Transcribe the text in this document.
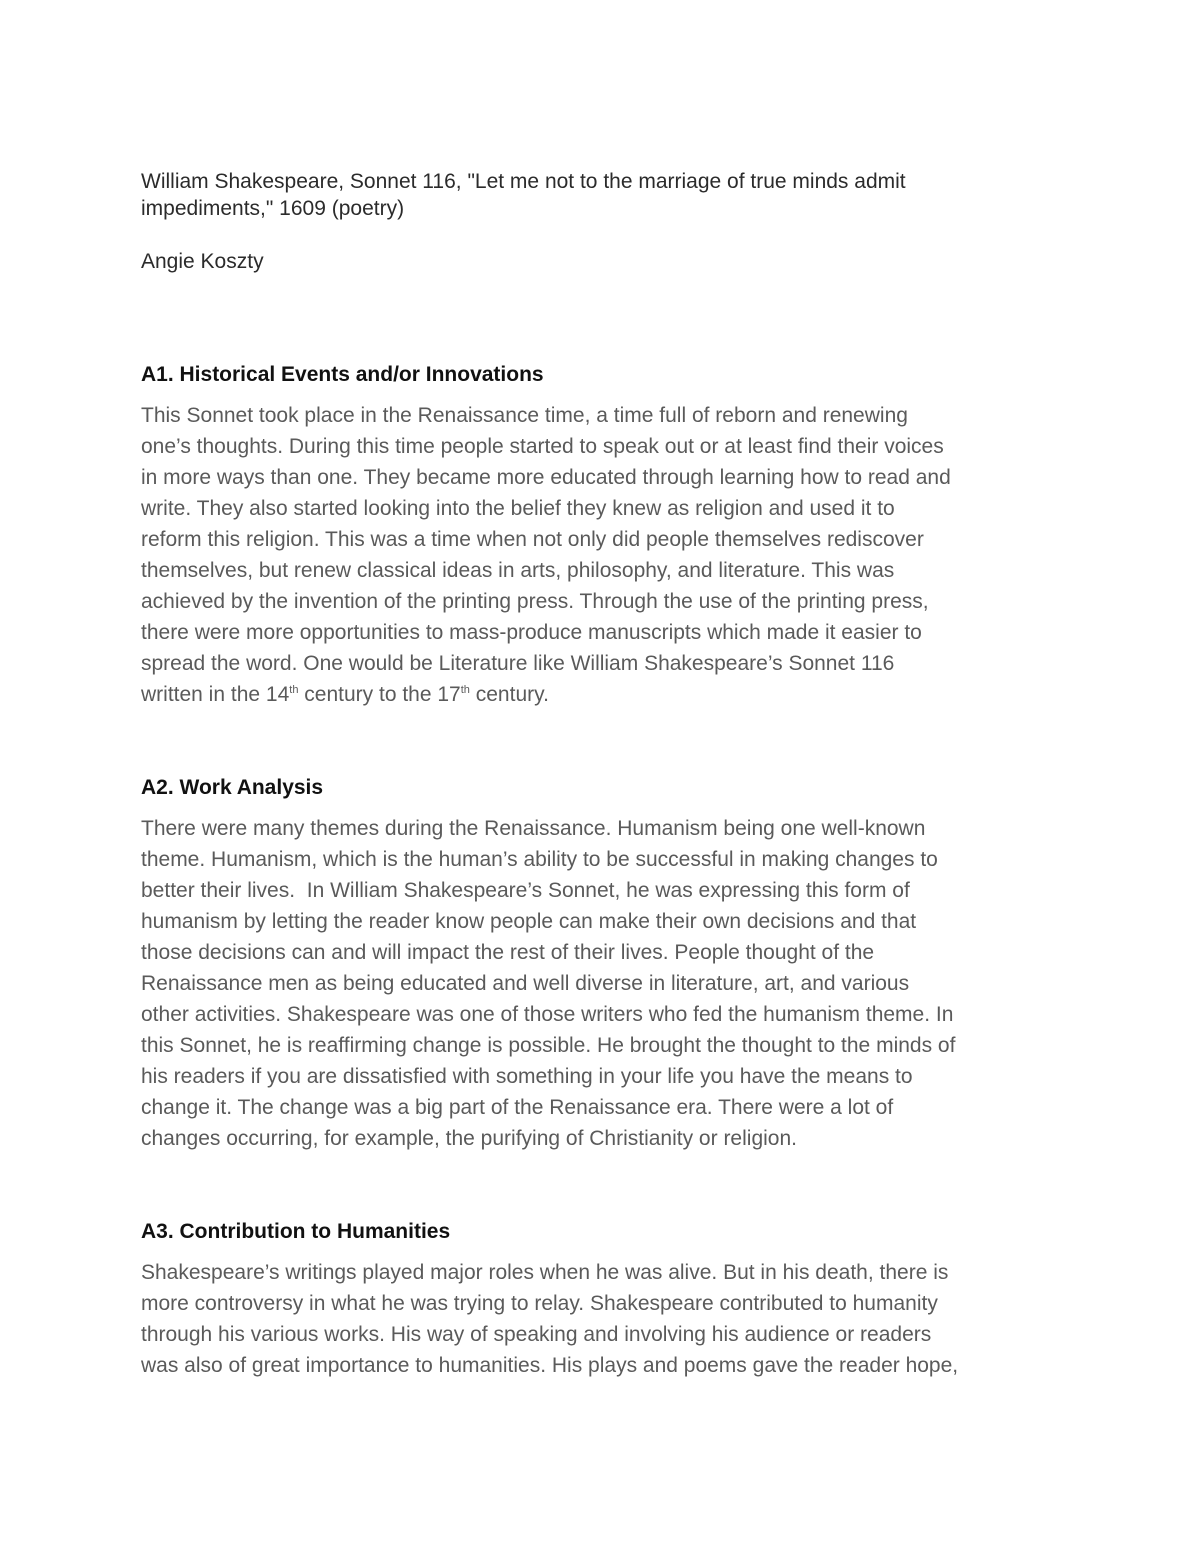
William Shakespeare, Sonnet 116, "Let me not to the marriage of true minds admit
impediments," 1609 (poetry)

Angie Koszty

A1. Historical Events and/or Innovations

This Sonnet took place in the Renaissance time, a time full of reborn and renewing
one’s thoughts. During this time people started to speak out or at least find their voices
in more ways than one. They became more educated through learning how to read and
write. They also started looking into the belief they knew as religion and used it to
reform this religion. This was a time when not only did people themselves rediscover
themselves, but renew classical ideas in arts, philosophy, and literature. This was
achieved by the invention of the printing press. Through the use of the printing press,
there were more opportunities to mass-produce manuscripts which made it easier to
spread the word. One would be Literature like William Shakespeare’s Sonnet 116
written in the 14th century to the 17th century.

A2. Work Analysis

There were many themes during the Renaissance. Humanism being one well-known
theme. Humanism, which is the human’s ability to be successful in making changes to
better their lives.  In William Shakespeare’s Sonnet, he was expressing this form of
humanism by letting the reader know people can make their own decisions and that
those decisions can and will impact the rest of their lives. People thought of the
Renaissance men as being educated and well diverse in literature, art, and various
other activities. Shakespeare was one of those writers who fed the humanism theme. In
this Sonnet, he is reaffirming change is possible. He brought the thought to the minds of
his readers if you are dissatisfied with something in your life you have the means to
change it. The change was a big part of the Renaissance era. There were a lot of
changes occurring, for example, the purifying of Christianity or religion.

A3. Contribution to Humanities

Shakespeare’s writings played major roles when he was alive. But in his death, there is
more controversy in what he was trying to relay. Shakespeare contributed to humanity
through his various works. His way of speaking and involving his audience or readers
was also of great importance to humanities. His plays and poems gave the reader hope,
